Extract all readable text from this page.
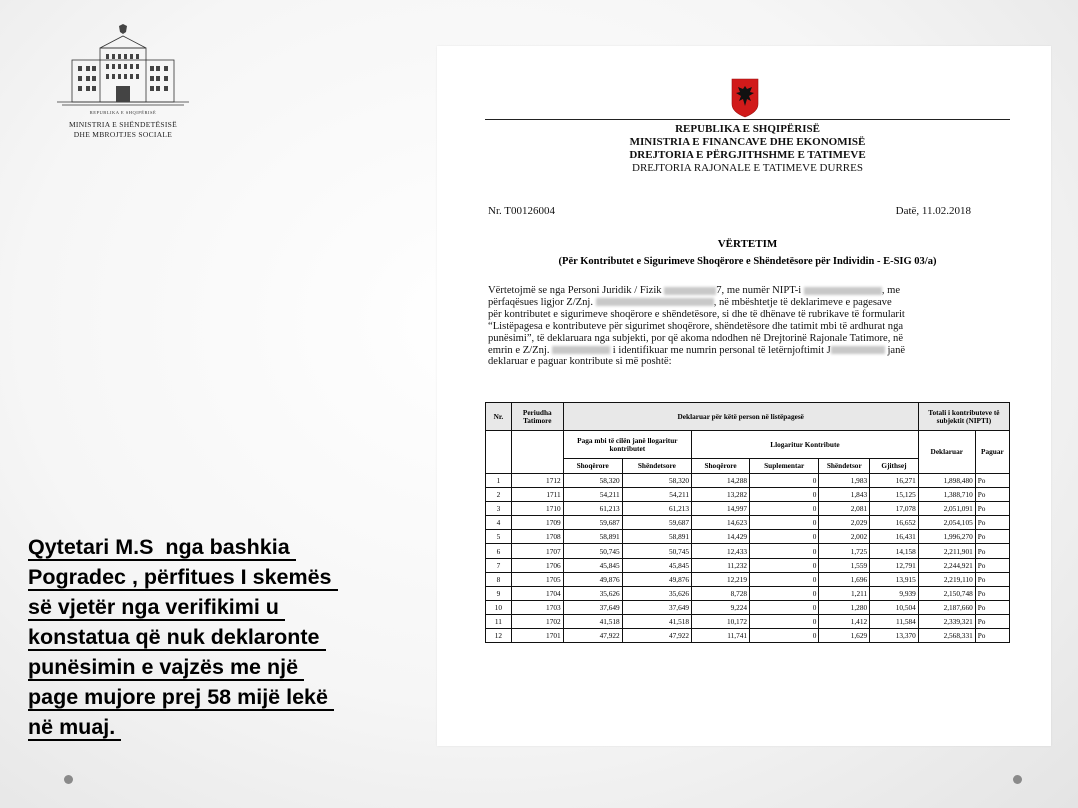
REPUBLIKA E SHQIPËRISË
MINISTRIA E SHËNDETËSISË
DHE MBROJTJES SOCIALE
Qytetari M.S  nga bashkia
Pogradec , përfitues I skemës
së vjetër nga verifikimi u
konstatua që nuk deklaronte
punësimin e vajzës me një
page mujore prej 58 mijë lekë
në muaj.
REPUBLIKA E SHQIPËRISË
MINISTRIA E FINANCAVE DHE EKONOMISË
DREJTORIA E PËRGJITHSHME E TATIMEVE
DREJTORIA RAJONALE E TATIMEVE DURRES
Nr. T00126004	Datë, 11.02.2018
VËRTETIM
(Për Kontributet e Sigurimeve Shoqërore e Shëndetësore për Individin - E-SIG 03/a)
Vërtetojmë se nga Personi Juridik / Fizik	7, me numër NIPT-i	, me
përfaqësues ligjor Z/Znj.	, në mbështetje të deklarimeve e pagesave
për kontributet e sigurimeve shoqërore e shëndetësore, si dhe të dhënave të rubrikave të formularit
“Listëpagesa e kontributeve për sigurimet shoqërore, shëndetësore dhe tatimit mbi të ardhurat nga
punësimi”, të deklaruara nga subjekti, por që akoma ndodhen në Drejtorinë Rajonale Tatimore, në
emrin e Z/Znj.	i identifikuar me numrin personal të letërnjoftimit J	janë
deklaruar e paguar kontribute si më poshtë:
Nr.	Periudha Tatimore	Deklaruar për këtë person në listëpagesë						Totali i kontributeve të subjektit (NIPTI)	
		Paga mbi të cilën janë llogaritur kontributet		Llogaritur Kontribute				Deklaruar	Paguar
		Shoqërore	Shëndetsore	Shoqërore	Suplementar	Shëndetsor	Gjithsej		
1	1712	58,320	58,320	14,288	0	1,983	16,271	1,898,480	Po
2	1711	54,211	54,211	13,282	0	1,843	15,125	1,388,710	Po
3	1710	61,213	61,213	14,997	0	2,081	17,078	2,051,091	Po
4	1709	59,687	59,687	14,623	0	2,029	16,652	2,054,105	Po
5	1708	58,891	58,891	14,429	0	2,002	16,431	1,996,270	Po
6	1707	50,745	50,745	12,433	0	1,725	14,158	2,211,901	Po
7	1706	45,845	45,845	11,232	0	1,559	12,791	2,244,921	Po
8	1705	49,876	49,876	12,219	0	1,696	13,915	2,219,110	Po
9	1704	35,626	35,626	8,728	0	1,211	9,939	2,150,748	Po
10	1703	37,649	37,649	9,224	0	1,280	10,504	2,187,660	Po
11	1702	41,518	41,518	10,172	0	1,412	11,584	2,339,321	Po
12	1701	47,922	47,922	11,741	0	1,629	13,370	2,568,331	Po
